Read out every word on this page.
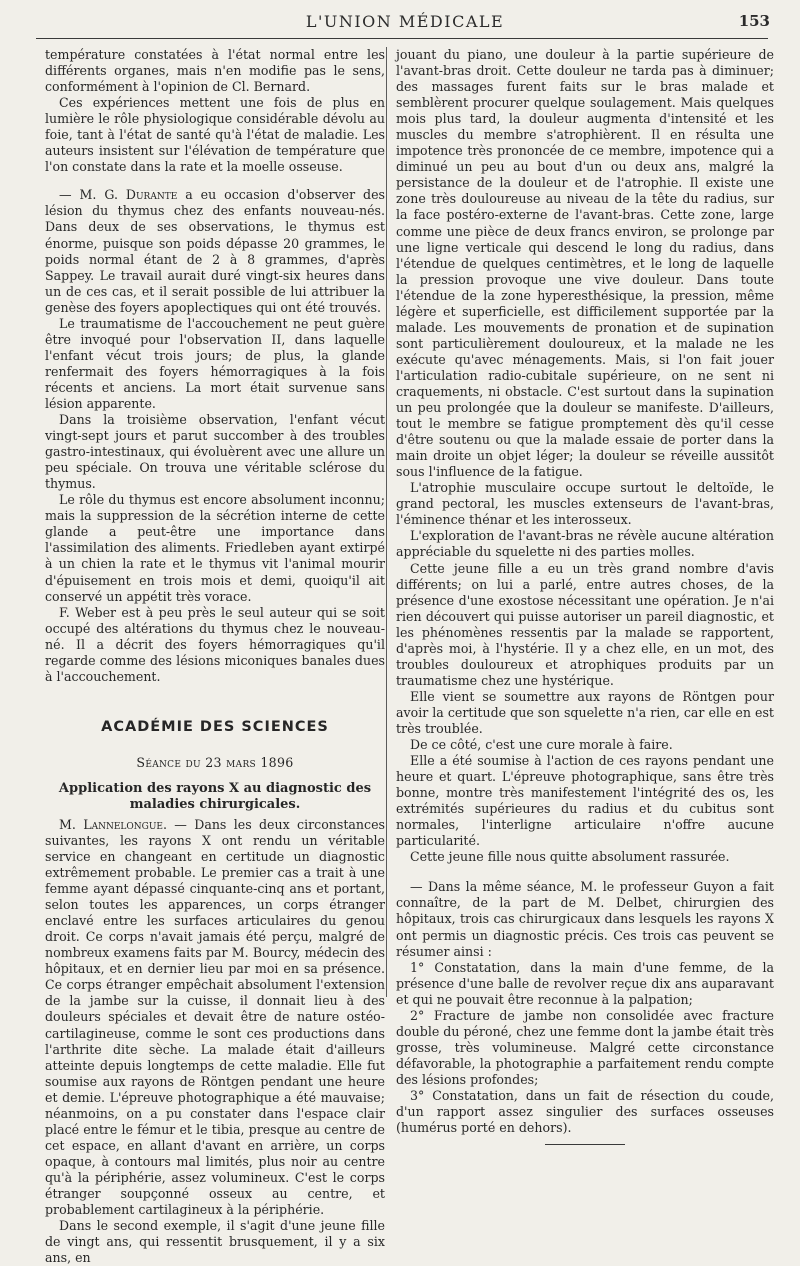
L'UNION MÉDICALE	153

température constatées à l'état normal entre les différents organes, mais n'en modifie pas le sens, conformément à l'opinion de Cl. Bernard.

Ces expériences mettent une fois de plus en lumière le rôle physiologique considérable dévolu au foie, tant à l'état de santé qu'à l'état de maladie. Les auteurs insistent sur l'élévation de température que l'on constate dans la rate et la moelle osseuse.

— M. G. Durante a eu occasion d'observer des lésion du thymus chez des enfants nouveau-nés. Dans deux de ses observations, le thymus est énorme, puisque son poids dépasse 20 grammes, le poids normal étant de 2 à 8 grammes, d'après Sappey. Le travail aurait duré vingt-six heures dans un de ces cas, et il serait possible de lui attribuer la genèse des foyers apoplectiques qui ont été trouvés.

Le traumatisme de l'accouchement ne peut guère être invoqué pour l'observation II, dans laquelle l'enfant vécut trois jours; de plus, la glande renfermait des foyers hémorragiques à la fois récents et anciens. La mort était survenue sans lésion apparente.

Dans la troisième observation, l'enfant vécut vingt-sept jours et parut succomber à des troubles gastro-intestinaux, qui évoluèrent avec une allure un peu spéciale. On trouva une véritable sclérose du thymus.

Le rôle du thymus est encore absolument inconnu; mais la suppression de la sécrétion interne de cette glande a peut-être une importance dans l'assimilation des aliments. Friedleben ayant extirpé à un chien la rate et le thymus vit l'animal mourir d'épuisement en trois mois et demi, quoiqu'il ait conservé un appétit très vorace.

F. Weber est à peu près le seul auteur qui se soit occupé des altérations du thymus chez le nouveau-né. Il a décrit des foyers hémorragiques qu'il regarde comme des lésions miconiques banales dues à l'accouchement.

ACADÉMIE DES SCIENCES
Séance du 23 mars 1896
Application des rayons X au diagnostic des maladies chirurgicales.

M. Lannelongue. — Dans les deux circonstances suivantes, les rayons X ont rendu un véritable service en changeant en certitude un diagnostic extrêmement probable. Le premier cas a trait à une femme ayant dépassé cinquante-cinq ans et portant, selon toutes les apparences, un corps étranger enclavé entre les surfaces articulaires du genou droit. Ce corps n'avait jamais été perçu, malgré de nombreux examens faits par M. Bourcy, médecin des hôpitaux, et en dernier lieu par moi en sa présence. Ce corps étranger empêchait absolument l'extension de la jambe sur la cuisse, il donnait lieu à des douleurs spéciales et devait être de nature ostéo-cartilagineuse, comme le sont ces productions dans l'arthrite dite sèche. La malade était d'ailleurs atteinte depuis longtemps de cette maladie. Elle fut soumise aux rayons de Röntgen pendant une heure et demie. L'épreuve photographique a été mauvaise; néanmoins, on a pu constater dans l'espace clair placé entre le fémur et le tibia, presque au centre de cet espace, en allant d'avant en arrière, un corps opaque, à contours mal limités, plus noir au centre qu'à la périphérie, assez volumineux. C'est le corps étranger soupçonné osseux au centre, et probablement cartilagineux à la périphérie.

Dans le second exemple, il s'agit d'une jeune fille de vingt ans, qui ressentit brusquement, il y a six ans, en

jouant du piano, une douleur à la partie supérieure de l'avant-bras droit. Cette douleur ne tarda pas à diminuer; des massages furent faits sur le bras malade et semblèrent procurer quelque soulagement. Mais quelques mois plus tard, la douleur augmenta d'intensité et les muscles du membre s'atrophièrent. Il en résulta une impotence très prononcée de ce membre, impotence qui a diminué un peu au bout d'un ou deux ans, malgré la persistance de la douleur et de l'atrophie. Il existe une zone très douloureuse au niveau de la tête du radius, sur la face postéro-externe de l'avant-bras. Cette zone, large comme une pièce de deux francs environ, se prolonge par une ligne verticale qui descend le long du radius, dans l'étendue de quelques centimètres, et le long de laquelle la pression provoque une vive douleur. Dans toute l'étendue de la zone hyperesthésique, la pression, même légère et superficielle, est difficilement supportée par la malade. Les mouvements de pronation et de supination sont particulièrement douloureux, et la malade ne les exécute qu'avec ménagements. Mais, si l'on fait jouer l'articulation radio-cubitale supérieure, on ne sent ni craquements, ni obstacle. C'est surtout dans la supination un peu prolongée que la douleur se manifeste. D'ailleurs, tout le membre se fatigue promptement dès qu'il cesse d'être soutenu ou que la malade essaie de porter dans la main droite un objet léger; la douleur se réveille aussitôt sous l'influence de la fatigue.

L'atrophie musculaire occupe surtout le deltoïde, le grand pectoral, les muscles extenseurs de l'avant-bras, l'éminence thénar et les interosseux.

L'exploration de l'avant-bras ne révèle aucune altération appréciable du squelette ni des parties molles.

Cette jeune fille a eu un très grand nombre d'avis différents; on lui a parlé, entre autres choses, de la présence d'une exostose nécessitant une opération. Je n'ai rien découvert qui puisse autoriser un pareil diagnostic, et les phénomènes ressentis par la malade se rapportent, d'après moi, à l'hystérie. Il y a chez elle, en un mot, des troubles douloureux et atrophiques produits par un traumatisme chez une hystérique.

Elle vient se soumettre aux rayons de Röntgen pour avoir la certitude que son squelette n'a rien, car elle en est très troublée.

De ce côté, c'est une cure morale à faire.

Elle a été soumise à l'action de ces rayons pendant une heure et quart. L'épreuve photographique, sans être très bonne, montre très manifestement l'intégrité des os, les extrémités supérieures du radius et du cubitus sont normales, l'interligne articulaire n'offre aucune particularité.

Cette jeune fille nous quitte absolument rassurée.

— Dans la même séance, M. le professeur Guyon a fait connaître, de la part de M. Delbet, chirurgien des hôpitaux, trois cas chirurgicaux dans lesquels les rayons X ont permis un diagnostic précis. Ces trois cas peuvent se résumer ainsi :

1° Constatation, dans la main d'une femme, de la présence d'une balle de revolver reçue dix ans auparavant et qui ne pouvait être reconnue à la palpation;

2° Fracture de jambe non consolidée avec fracture double du péroné, chez une femme dont la jambe était très grosse, très volumineuse. Malgré cette circonstance défavorable, la photographie a parfaitement rendu compte des lésions profondes;

3° Constatation, dans un fait de résection du coude, d'un rapport assez singulier des surfaces osseuses (humérus porté en dehors).
